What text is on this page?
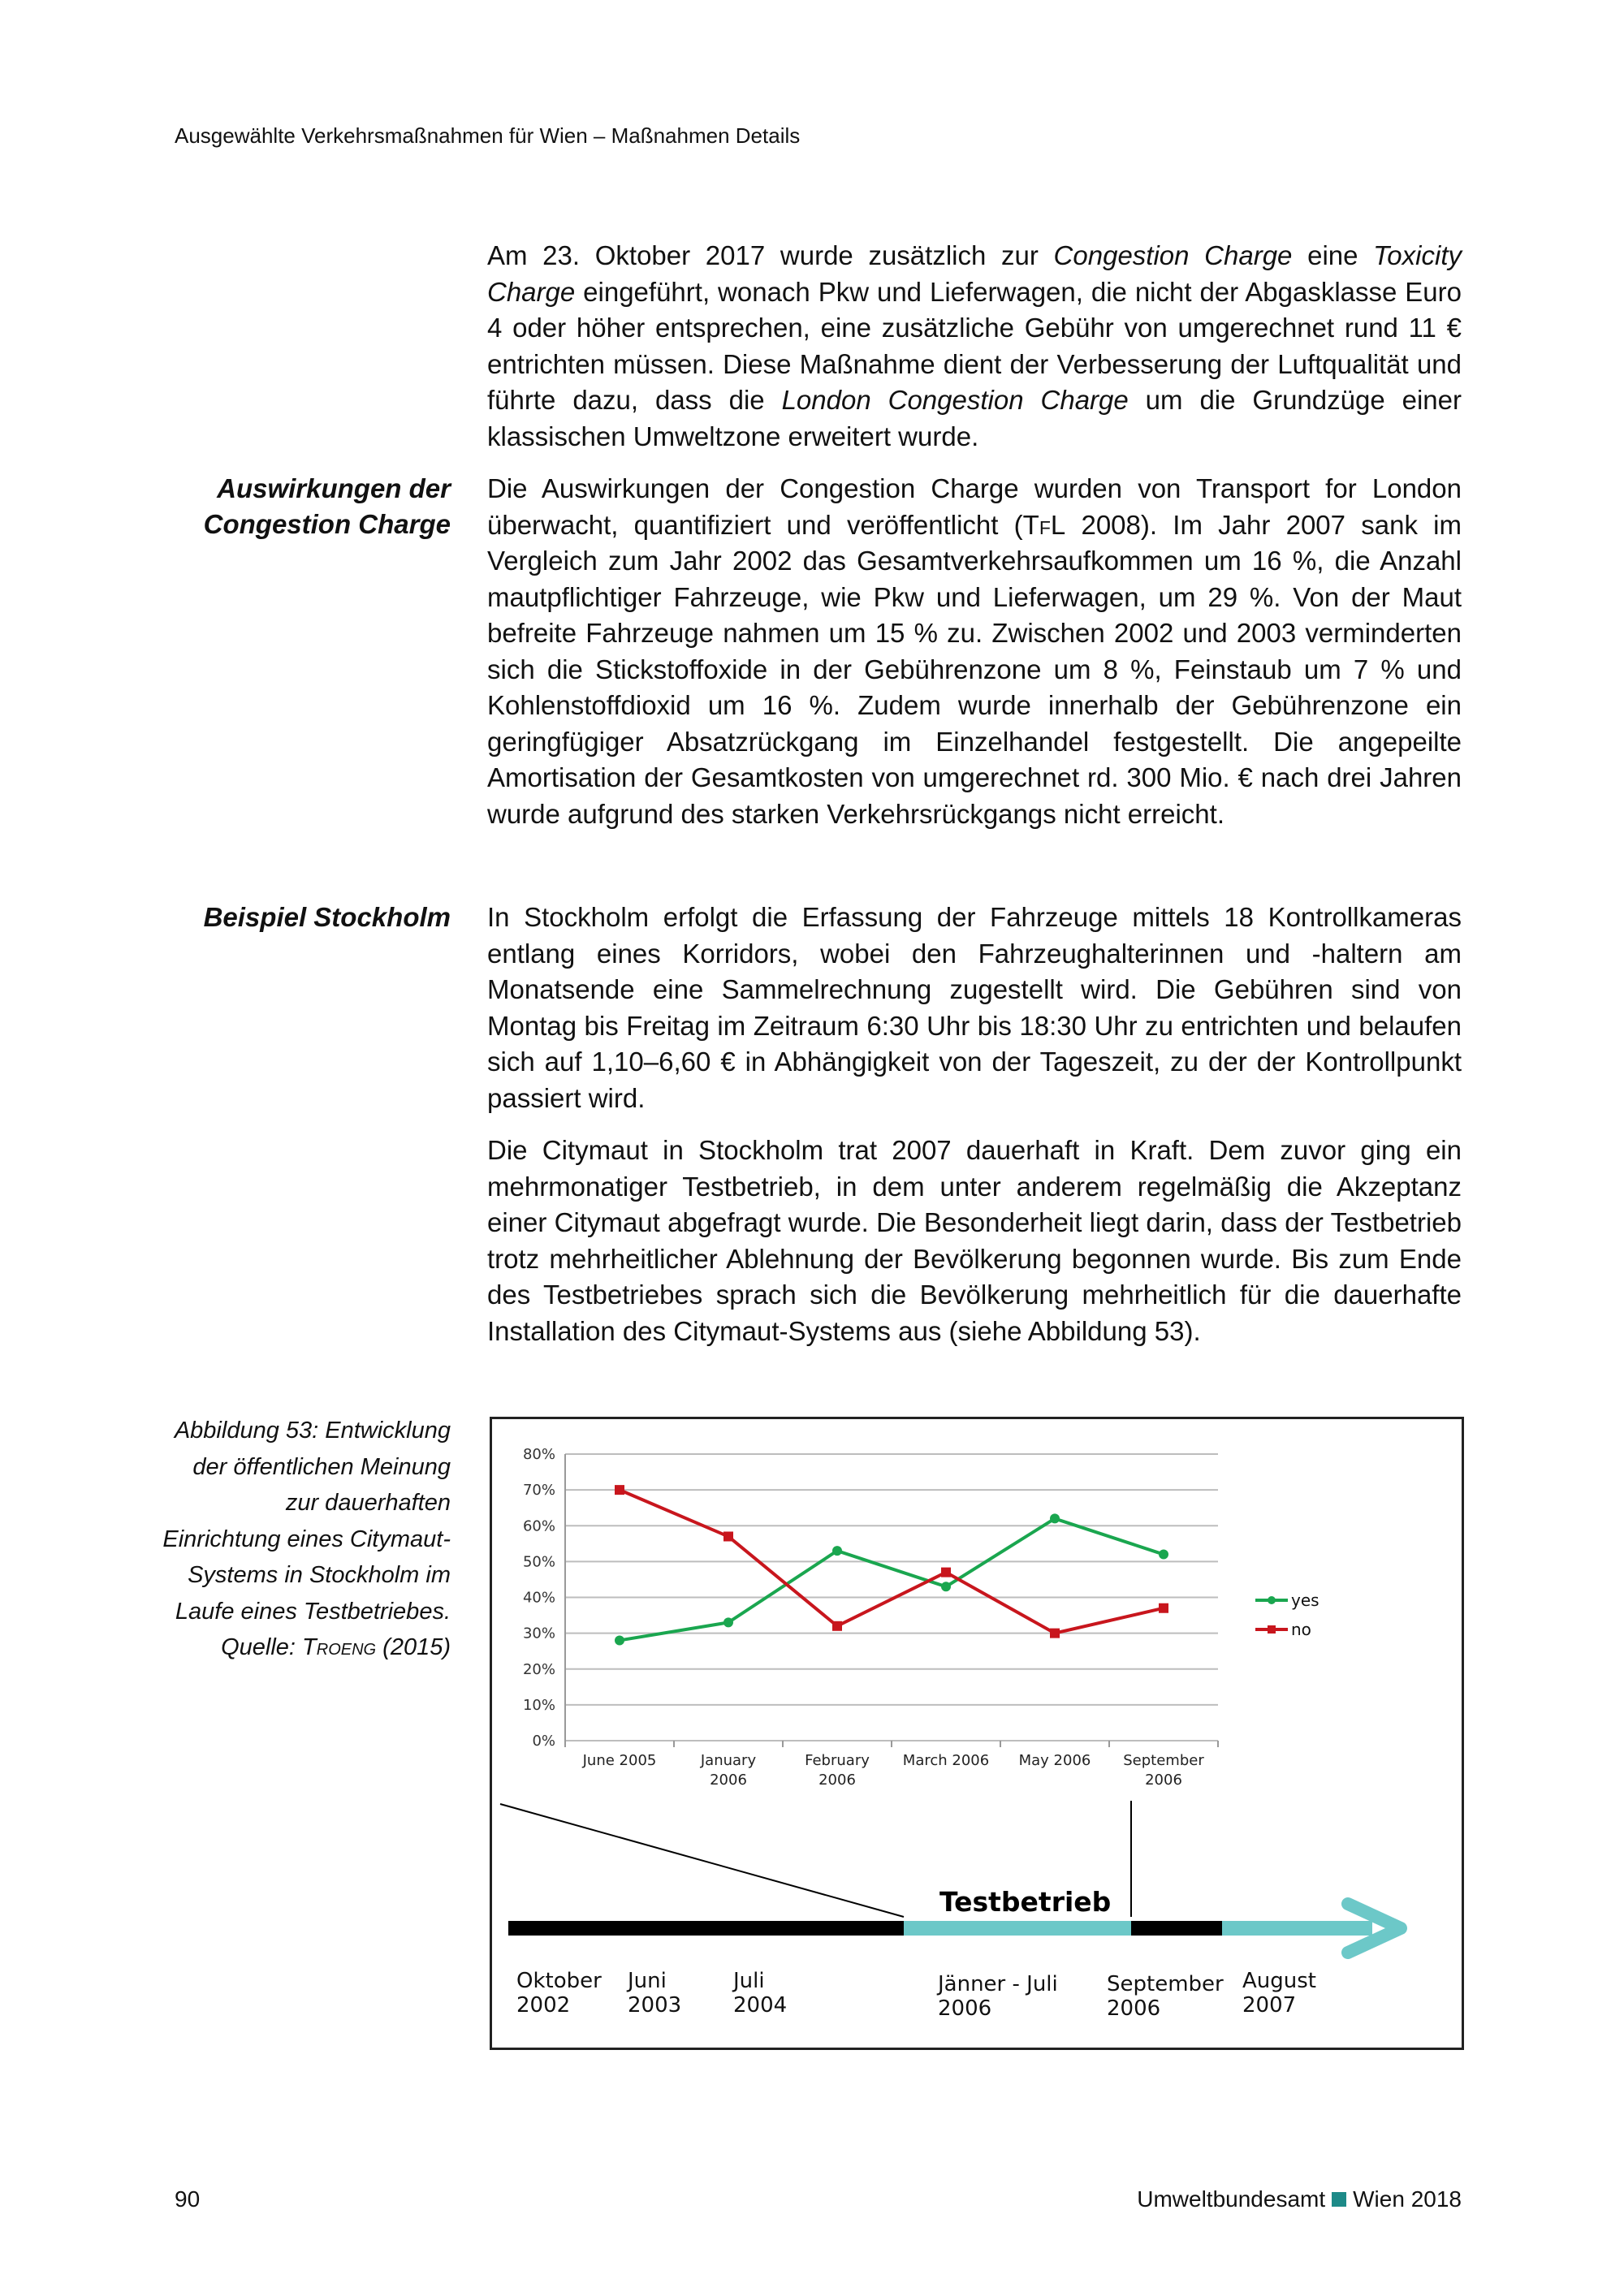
Ausgewählte Verkehrsmaßnahmen für Wien – Maßnahmen Details
Am 23. Oktober 2017 wurde zusätzlich zur Congestion Charge eine Toxicity Charge eingeführt, wonach Pkw und Lieferwagen, die nicht der Abgasklasse Euro 4 oder höher entsprechen, eine zusätzliche Gebühr von umgerechnet rund 11 € entrichten müssen. Diese Maßnahme dient der Verbesserung der Luftqualität und führte dazu, dass die London Congestion Charge um die Grundzüge einer klassischen Umweltzone erweitert wurde.
Auswirkungen der Congestion Charge
Die Auswirkungen der Congestion Charge wurden von Transport for London überwacht, quantifiziert und veröffentlicht (TfL 2008). Im Jahr 2007 sank im Vergleich zum Jahr 2002 das Gesamtverkehrsaufkommen um 16 %, die Anzahl mautpflichtiger Fahrzeuge, wie Pkw und Lieferwagen, um 29 %. Von der Maut befreite Fahrzeuge nahmen um 15 % zu. Zwischen 2002 und 2003 verminderten sich die Stickstoffoxide in der Gebührenzone um 8 %, Feinstaub um 7 % und Kohlenstoffdioxid um 16 %. Zudem wurde innerhalb der Gebührenzone ein geringfügiger Absatzrückgang im Einzelhandel festgestellt. Die angepeilte Amortisation der Gesamtkosten von umgerechnet rd. 300 Mio. € nach drei Jahren wurde aufgrund des starken Verkehrsrückgangs nicht erreicht.
Beispiel Stockholm In Stockholm erfolgt die Erfassung der Fahrzeuge mittels 18 Kontrollkameras entlang eines Korridors, wobei den Fahrzeughalterinnen und -haltern am Monatsende eine Sammelrechnung zugestellt wird. Die Gebühren sind von Montag bis Freitag im Zeitraum 6:30 Uhr bis 18:30 Uhr zu entrichten und belaufen sich auf 1,10–6,60 € in Abhängigkeit von der Tageszeit, zu der der Kontrollpunkt passiert wird.
Die Citymaut in Stockholm trat 2007 dauerhaft in Kraft. Dem zuvor ging ein mehrmonatiger Testbetrieb, in dem unter anderem regelmäßig die Akzeptanz einer Citymaut abgefragt wurde. Die Besonderheit liegt darin, dass der Testbetrieb trotz mehrheitlicher Ablehnung der Bevölkerung begonnen wurde. Bis zum Ende des Testbetriebes sprach sich die Bevölkerung mehrheitlich für die dauerhafte Installation des Citymaut-Systems aus (siehe Abbildung 53).
Abbildung 53: Entwicklung der öffentlichen Meinung zur dauerhaften Einrichtung eines Citymaut-Systems in Stockholm im Laufe eines Testbetriebes. Quelle: Troeng (2015)
0%
10%
20%
30%
40%
50%
60%
70%
80%
June 2005	January
2006
February
2006
March 2006 May 2006 September
2006
yes
no
Testbetrieb
Oktober
2002
Juni
2003
Juli
2004
Jänner - Juli
2006
September
2006
August
2007
90	Umweltbundesamt Wien 2018
